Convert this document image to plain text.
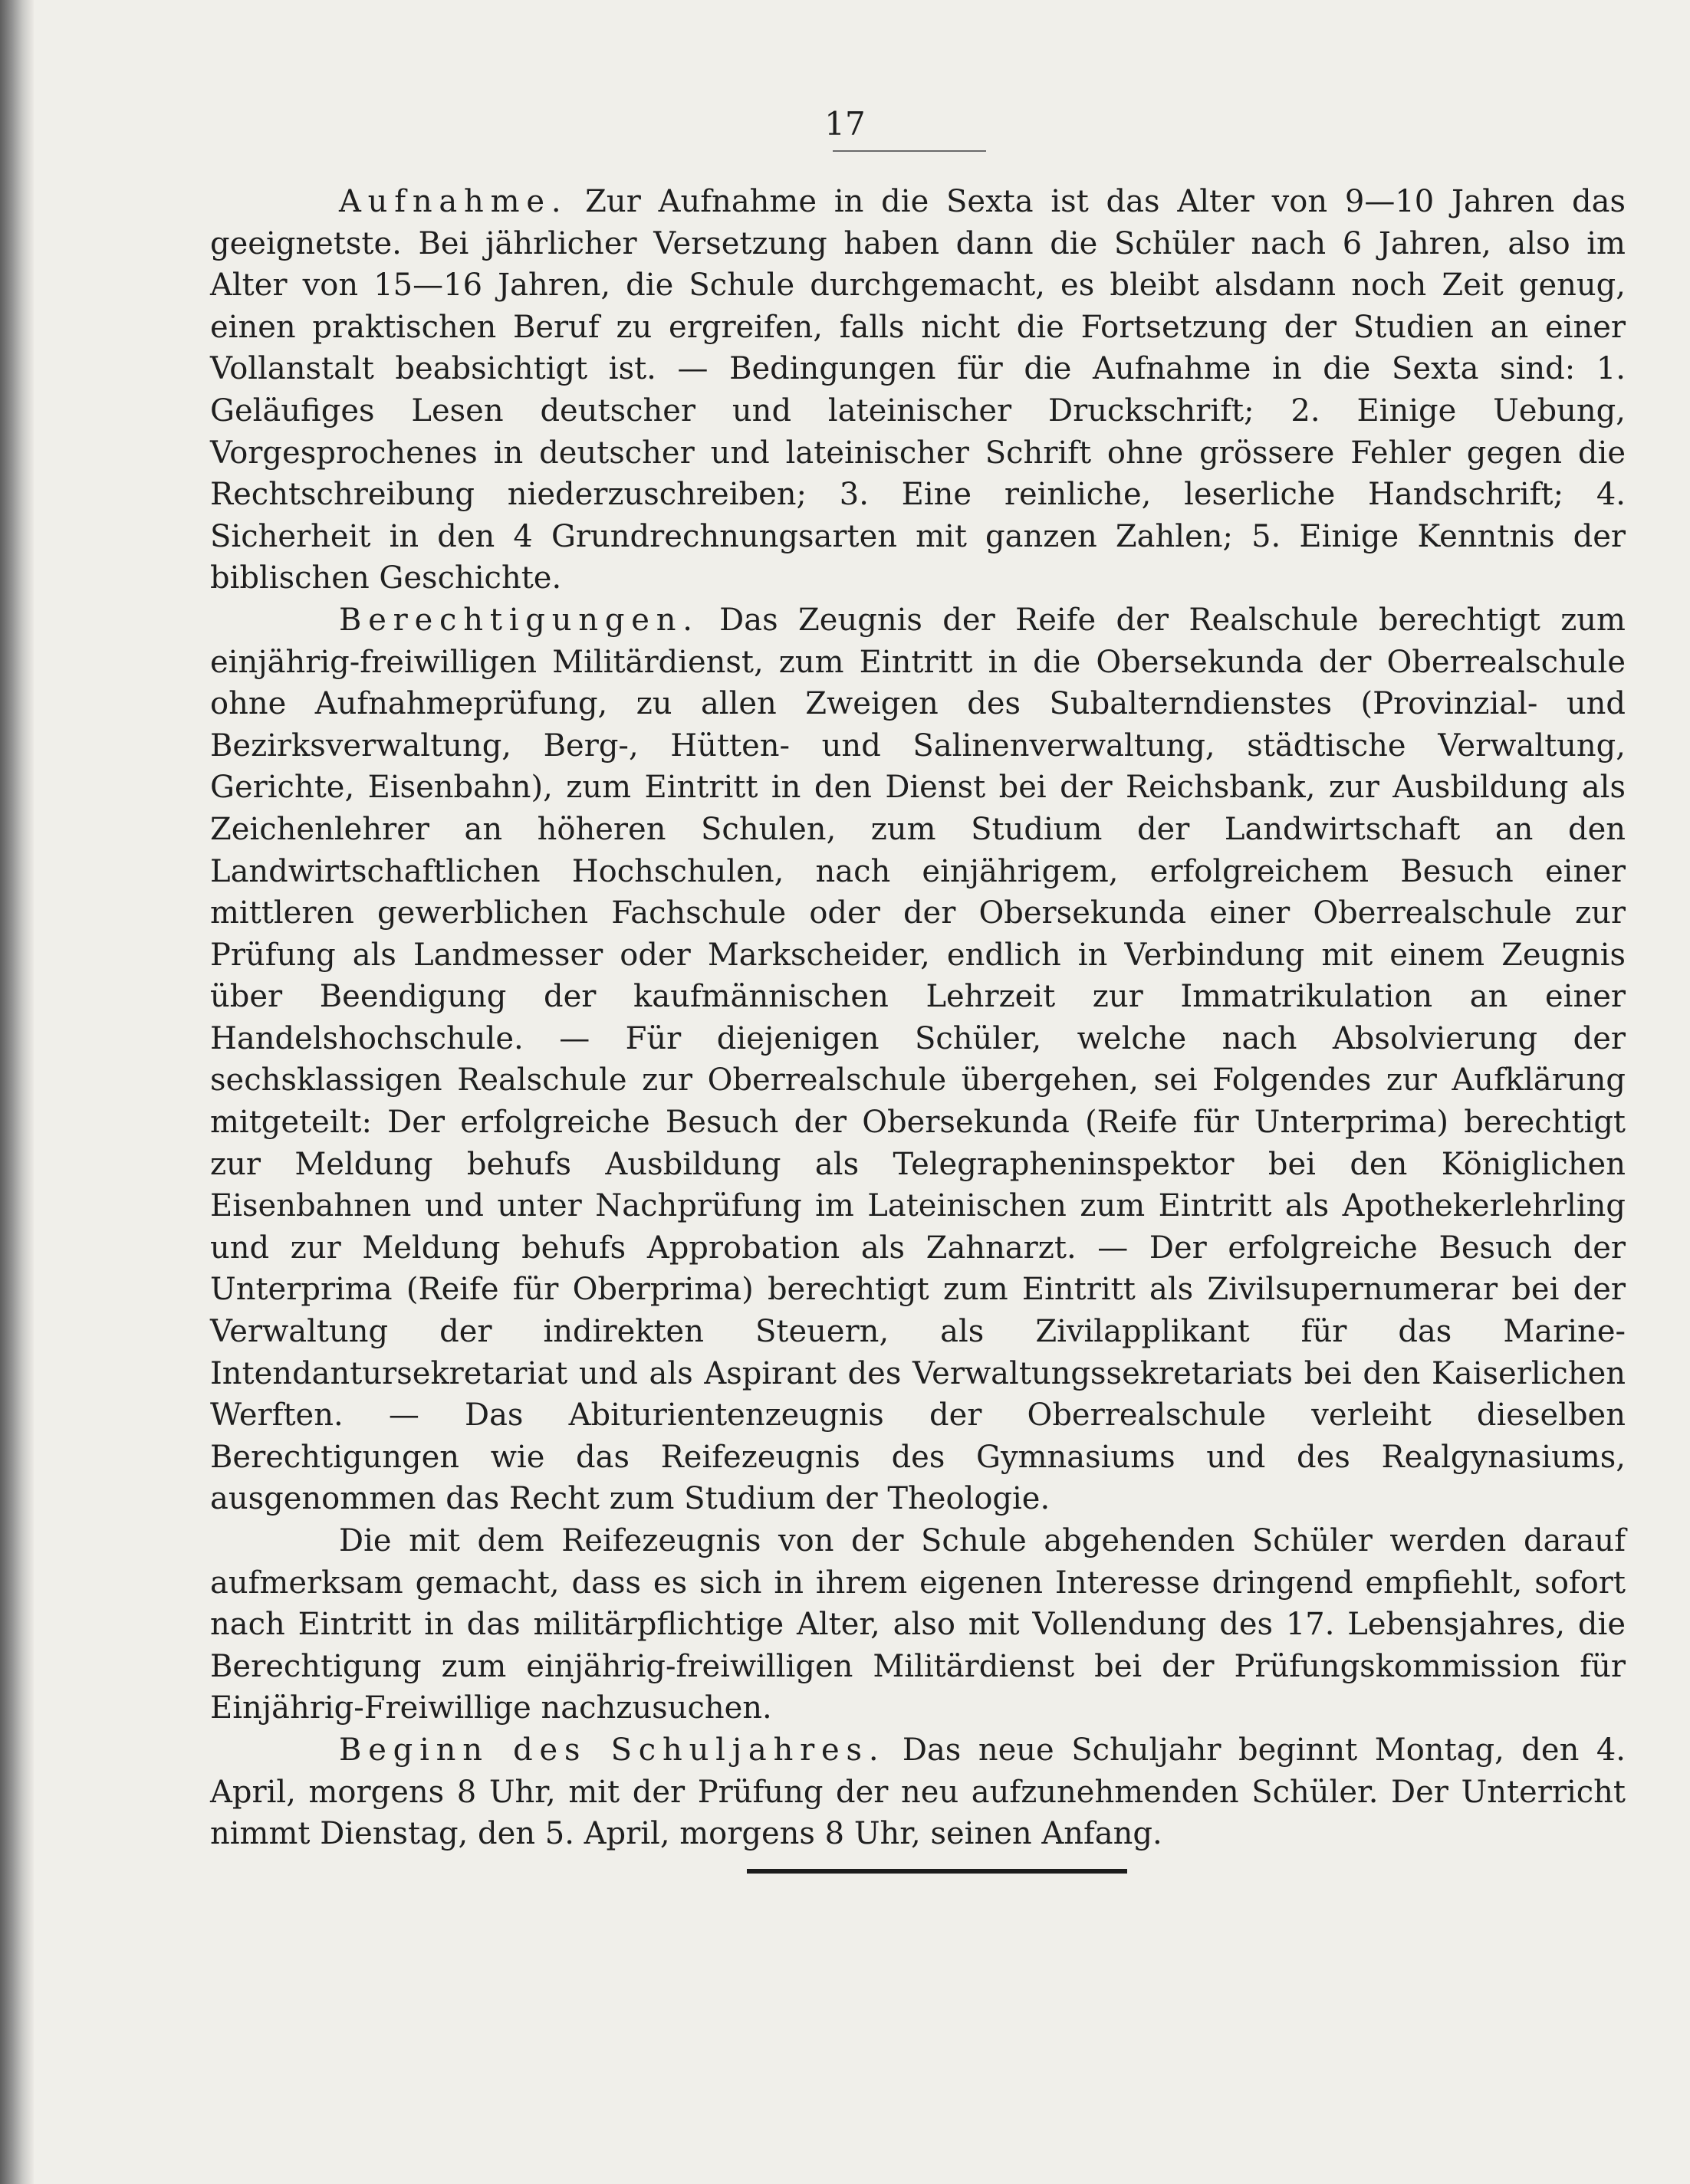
17

Aufnahme. Zur Aufnahme in die Sexta ist das Alter von 9—10 Jahren das geeignetste. Bei jährlicher Versetzung haben dann die Schüler nach 6 Jahren, also im Alter von 15—16 Jahren, die Schule durchgemacht, es bleibt alsdann noch Zeit genug, einen praktischen Beruf zu ergreifen, falls nicht die Fortsetzung der Studien an einer Vollanstalt beabsichtigt ist. — Bedingungen für die Aufnahme in die Sexta sind: 1. Geläufiges Lesen deutscher und lateinischer Druckschrift; 2. Einige Uebung, Vorgesprochenes in deutscher und lateinischer Schrift ohne grössere Fehler gegen die Rechtschreibung niederzuschreiben; 3. Eine reinliche, leserliche Handschrift; 4. Sicherheit in den 4 Grundrechnungsarten mit ganzen Zahlen; 5. Einige Kenntnis der biblischen Geschichte.

Berechtigungen. Das Zeugnis der Reife der Realschule berechtigt zum einjährig-freiwilligen Militärdienst, zum Eintritt in die Obersekunda der Oberrealschule ohne Aufnahmeprüfung, zu allen Zweigen des Subalterndienstes (Provinzial- und Bezirksverwaltung, Berg-, Hütten- und Salinenverwaltung, städtische Verwaltung, Gerichte, Eisenbahn), zum Eintritt in den Dienst bei der Reichsbank, zur Ausbildung als Zeichenlehrer an höheren Schulen, zum Studium der Landwirtschaft an den Landwirtschaftlichen Hochschulen, nach einjährigem, erfolgreichem Besuch einer mittleren gewerblichen Fachschule oder der Obersekunda einer Oberrealschule zur Prüfung als Landmesser oder Markscheider, endlich in Verbindung mit einem Zeugnis über Beendigung der kaufmännischen Lehrzeit zur Immatrikulation an einer Handelshochschule. — Für diejenigen Schüler, welche nach Absolvierung der sechsklassigen Realschule zur Oberrealschule übergehen, sei Folgendes zur Aufklärung mitgeteilt: Der erfolgreiche Besuch der Obersekunda (Reife für Unterprima) berechtigt zur Meldung behufs Ausbildung als Telegrapheninspektor bei den Königlichen Eisenbahnen und unter Nachprüfung im Lateinischen zum Eintritt als Apothekerlehrling und zur Meldung behufs Approbation als Zahnarzt. — Der erfolgreiche Besuch der Unterprima (Reife für Oberprima) berechtigt zum Eintritt als Zivilsupernumerar bei der Verwaltung der indirekten Steuern, als Zivilapplikant für das Marine-Intendantursekretariat und als Aspirant des Verwaltungssekretariats bei den Kaiserlichen Werften. — Das Abiturientenzeugnis der Oberrealschule verleiht dieselben Berechtigungen wie das Reifezeugnis des Gymnasiums und des Realgynasiums, ausgenommen das Recht zum Studium der Theologie.

Die mit dem Reifezeugnis von der Schule abgehenden Schüler werden darauf aufmerksam gemacht, dass es sich in ihrem eigenen Interesse dringend empfiehlt, sofort nach Eintritt in das militärpflichtige Alter, also mit Vollendung des 17. Lebensjahres, die Berechtigung zum einjährig-freiwilligen Militärdienst bei der Prüfungskommission für Einjährig-Freiwillige nachzusuchen.

Beginn des Schuljahres. Das neue Schuljahr beginnt Montag, den 4. April, morgens 8 Uhr, mit der Prüfung der neu aufzunehmenden Schüler. Der Unterricht nimmt Dienstag, den 5. April, morgens 8 Uhr, seinen Anfang.
